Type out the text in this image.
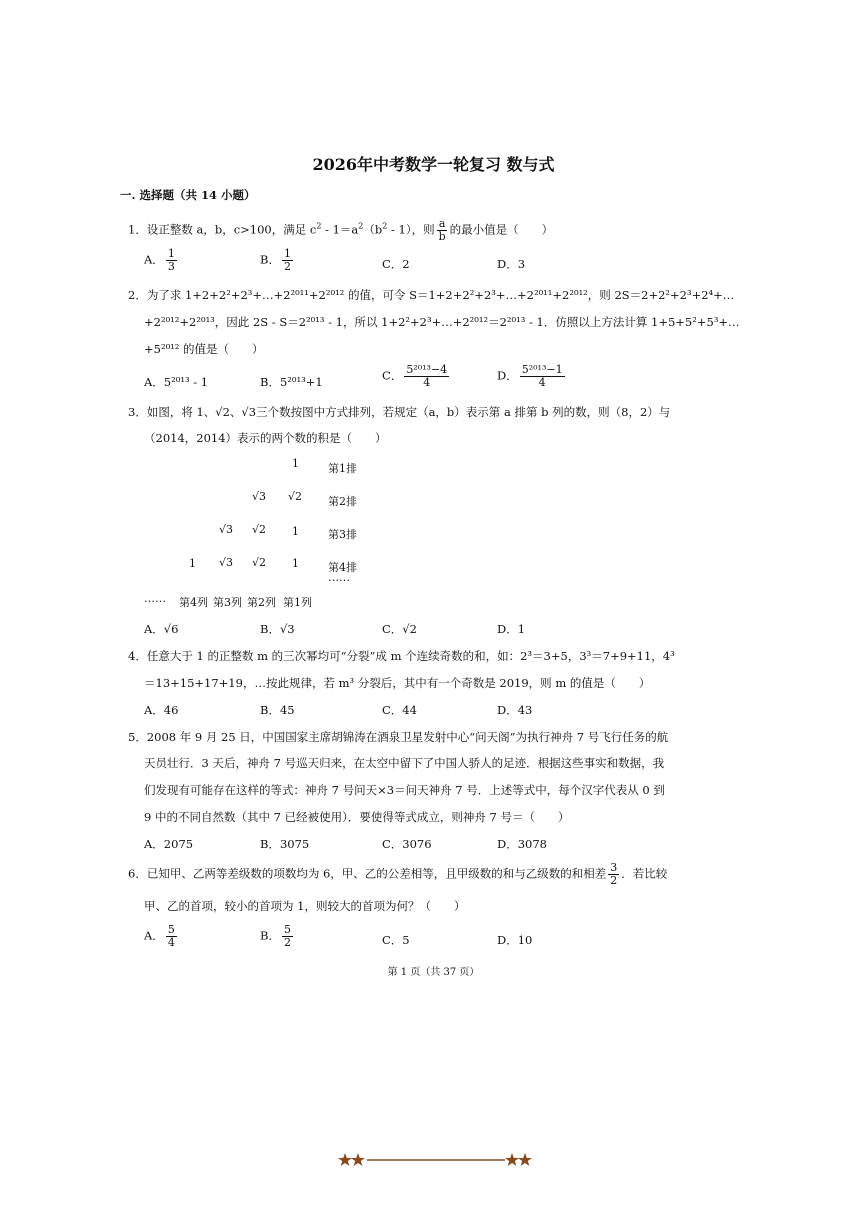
2026年中考数学一轮复习 数与式
一. 选择题（共 14 小题）
1．设正整数 a，b，c>100，满足 $c^2 - 1=a^2(b^2 - 1)$，则 $\frac{a}{b}$ 的最小值是（　　）
A． $\frac{1}{3}$	B． $\frac{1}{2}$	C．2	D．3
2．为了求 1+2+2²+2³+…+2²⁰¹¹+2²⁰¹² 的值，可令 S＝1+2+2²+2³+…+2²⁰¹¹+2²⁰¹²，则 2S＝2+2²+2³+2⁴+…
+2²⁰¹²+2²⁰¹³，因此 2S - S＝2²⁰¹³ - 1，所以 1+2²+2³+…+2²⁰¹²＝2²⁰¹³ - 1．仿照以上方法计算 1+5+5²+5³+…
+5²⁰¹² 的值是（　　）
A．5²⁰¹³ - 1	B．5²⁰¹³+1	C． $\frac{\text{5²⁰¹³−4}}{4}$	D． $\frac{\text{5²⁰¹³−1}}{4}$
3．如图，将 1、√2、√3三个数按图中方式排列，若规定（a，b）表示第 a 排第 b 列的数，则（8，2）与
（2014，2014）表示的两个数的积是（　　）
1	第1排
√3 √2 第2排
√3 √2 1	第3排
1 √3 √2 1	第4排
……
…… 第4列 第3列 第2列 第1列
A．√6	B．√3	C．√2	D．1
4．任意大于 1 的正整数 m 的三次幂均可“分裂”成 m 个连续奇数的和，如：2³＝3+5，3³＝7+9+11，4³
＝13+15+17+19，…按此规律，若 m³ 分裂后，其中有一个奇数是 2019，则 m 的值是（　　）
A．46	B．45	C．44	D．43
5．2008 年 9 月 25 日，中国国家主席胡锦涛在酒泉卫星发射中心“问天阁”为执行神舟 7 号飞行任务的航
天员壮行．3 天后，神舟 7 号巡天归来，在太空中留下了中国人骄人的足迹．根据这些事实和数据，我
们发现有可能存在这样的等式：神舟 7 号问天×3＝问天神舟 7 号．上述等式中，每个汉字代表从 0 到
9 中的不同自然数（其中 7 已经被使用）．要使得等式成立，则神舟 7 号＝（　　）
A．2075	B．3075	C．3076	D．3078
6．已知甲、乙两等差级数的项数均为 6，甲、乙的公差相等，且甲级数的和与乙级数的和相差 $\frac{3}{2}$ ．若比较
甲、乙的首项，较小的首项为 1，则较大的首项为何？（　　）
A． $\frac{5}{4}$	B． $\frac{5}{2}$	C．5	D．10
第 1 页（共 37 页）
